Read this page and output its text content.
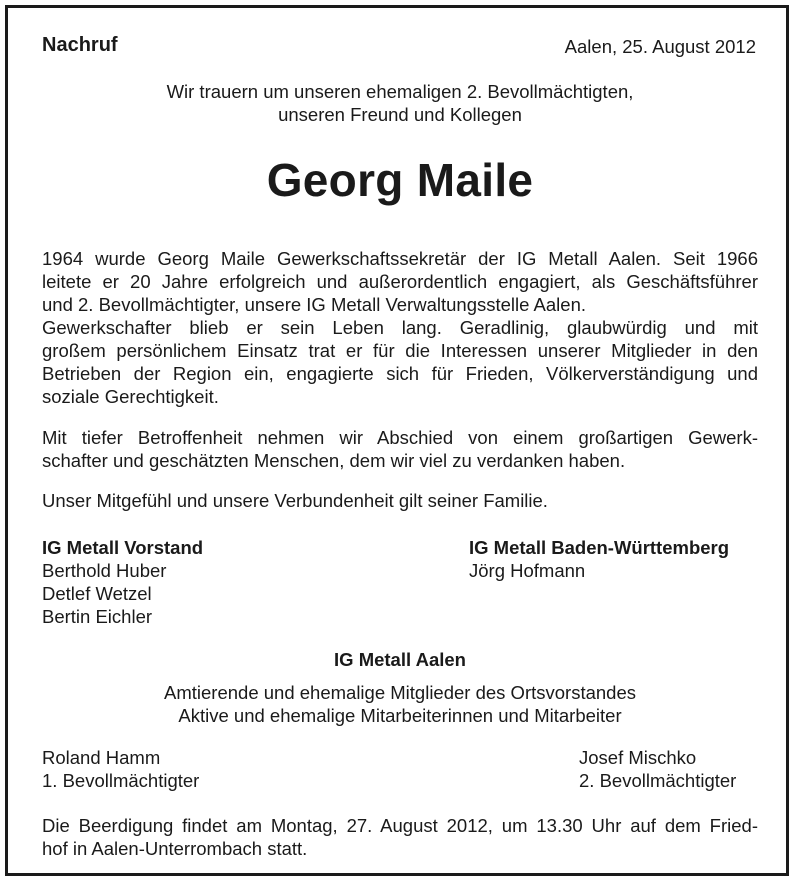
Nachruf	Aalen, 25. August 2012
Wir trauern um unseren ehemaligen 2. Bevollmächtigten,
unseren Freund und Kollegen
Georg Maile
1964 wurde Georg Maile Gewerkschaftssekretär der IG Metall Aalen. Seit 1966
leitete er 20 Jahre erfolgreich und außerordentlich engagiert, als Geschäftsführer
und 2. Bevollmächtigter, unsere IG Metall Verwaltungsstelle Aalen.
Gewerkschafter blieb er sein Leben lang. Geradlinig, glaubwürdig und mit
großem persönlichem Einsatz trat er für die Interessen unserer Mitglieder in den
Betrieben der Region ein, engagierte sich für Frieden, Völkerverständigung und
soziale Gerechtigkeit.
Mit tiefer Betroffenheit nehmen wir Abschied von einem großartigen Gewerk-
schafter und geschätzten Menschen, dem wir viel zu verdanken haben.
Unser Mitgefühl und unsere Verbundenheit gilt seiner Familie.
IG Metall Vorstand
Berthold Huber
Detlef Wetzel
Bertin Eichler
IG Metall Baden-Württemberg
Jörg Hofmann
IG Metall Aalen
Amtierende und ehemalige Mitglieder des Ortsvorstandes
Aktive und ehemalige Mitarbeiterinnen und Mitarbeiter
Roland Hamm
1. Bevollmächtigter
Josef Mischko
2. Bevollmächtigter
Die Beerdigung findet am Montag, 27. August 2012, um 13.30 Uhr auf dem Fried-
hof in Aalen-Unterrombach statt.
